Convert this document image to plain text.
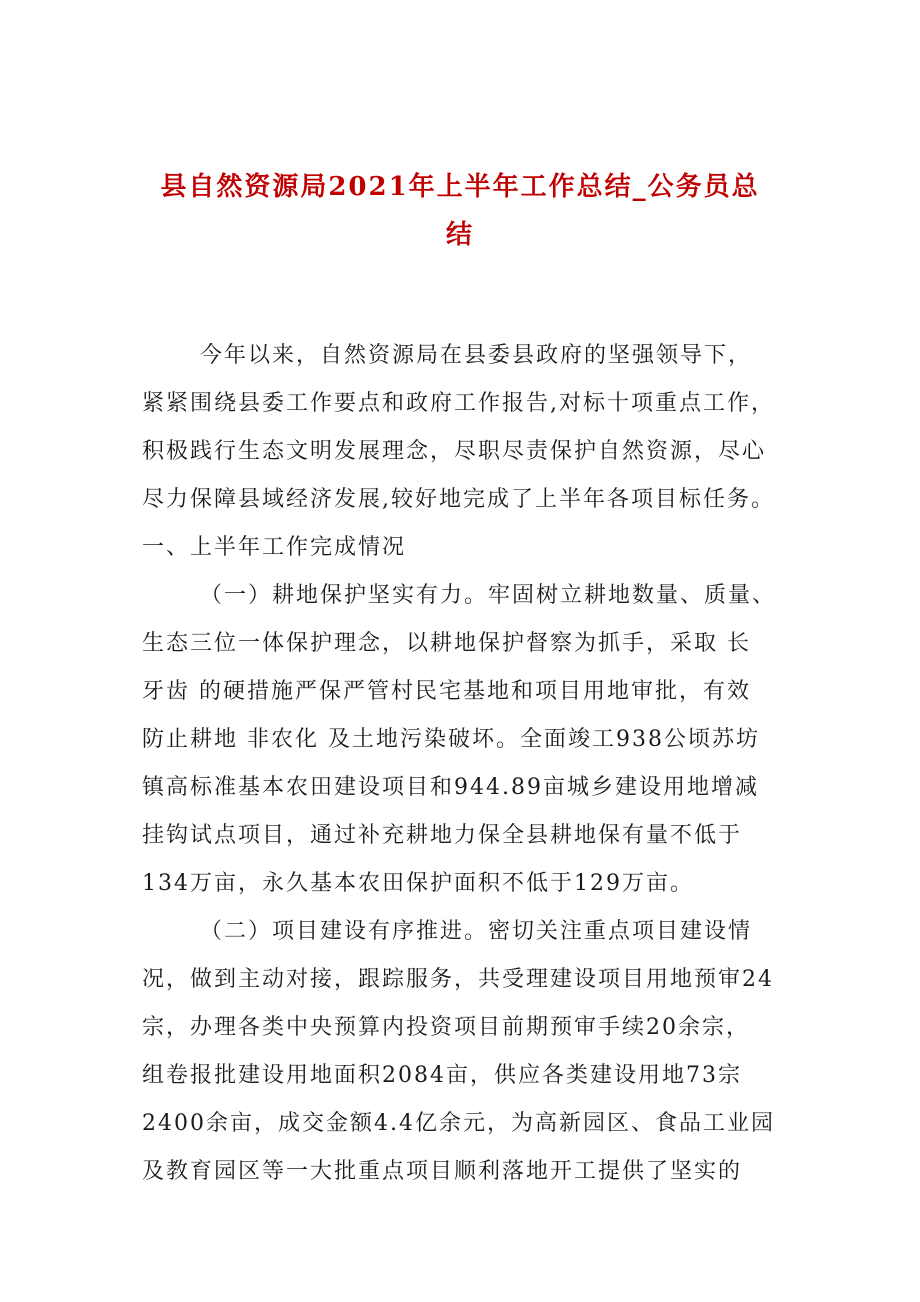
县自然资源局2021年上半年工作总结_公务员总
结
今年以来，自然资源局在县委县政府的坚强领导下，
紧紧围绕县委工作要点和政府工作报告,对标十项重点工作，
积极践行生态文明发展理念，尽职尽责保护自然资源，尽心
尽力保障县域经济发展,较好地完成了上半年各项目标任务。
一、上半年工作完成情况
（一）耕地保护坚实有力。牢固树立耕地数量、质量、
生态三位一体保护理念，以耕地保护督察为抓手，采取 长
牙齿 的硬措施严保严管村民宅基地和项目用地审批，有效
防止耕地 非农化 及土地污染破坏。全面竣工938公顷苏坊
镇高标准基本农田建设项目和944.89亩城乡建设用地增减
挂钩试点项目，通过补充耕地力保全县耕地保有量不低于
134万亩，永久基本农田保护面积不低于129万亩。
（二）项目建设有序推进。密切关注重点项目建设情
况，做到主动对接，跟踪服务，共受理建设项目用地预审24
宗，办理各类中央预算内投资项目前期预审手续20余宗，
组卷报批建设用地面积2084亩，供应各类建设用地73宗
2400余亩，成交金额4.4亿余元，为高新园区、食品工业园
及教育园区等一大批重点项目顺利落地开工提供了坚实的
